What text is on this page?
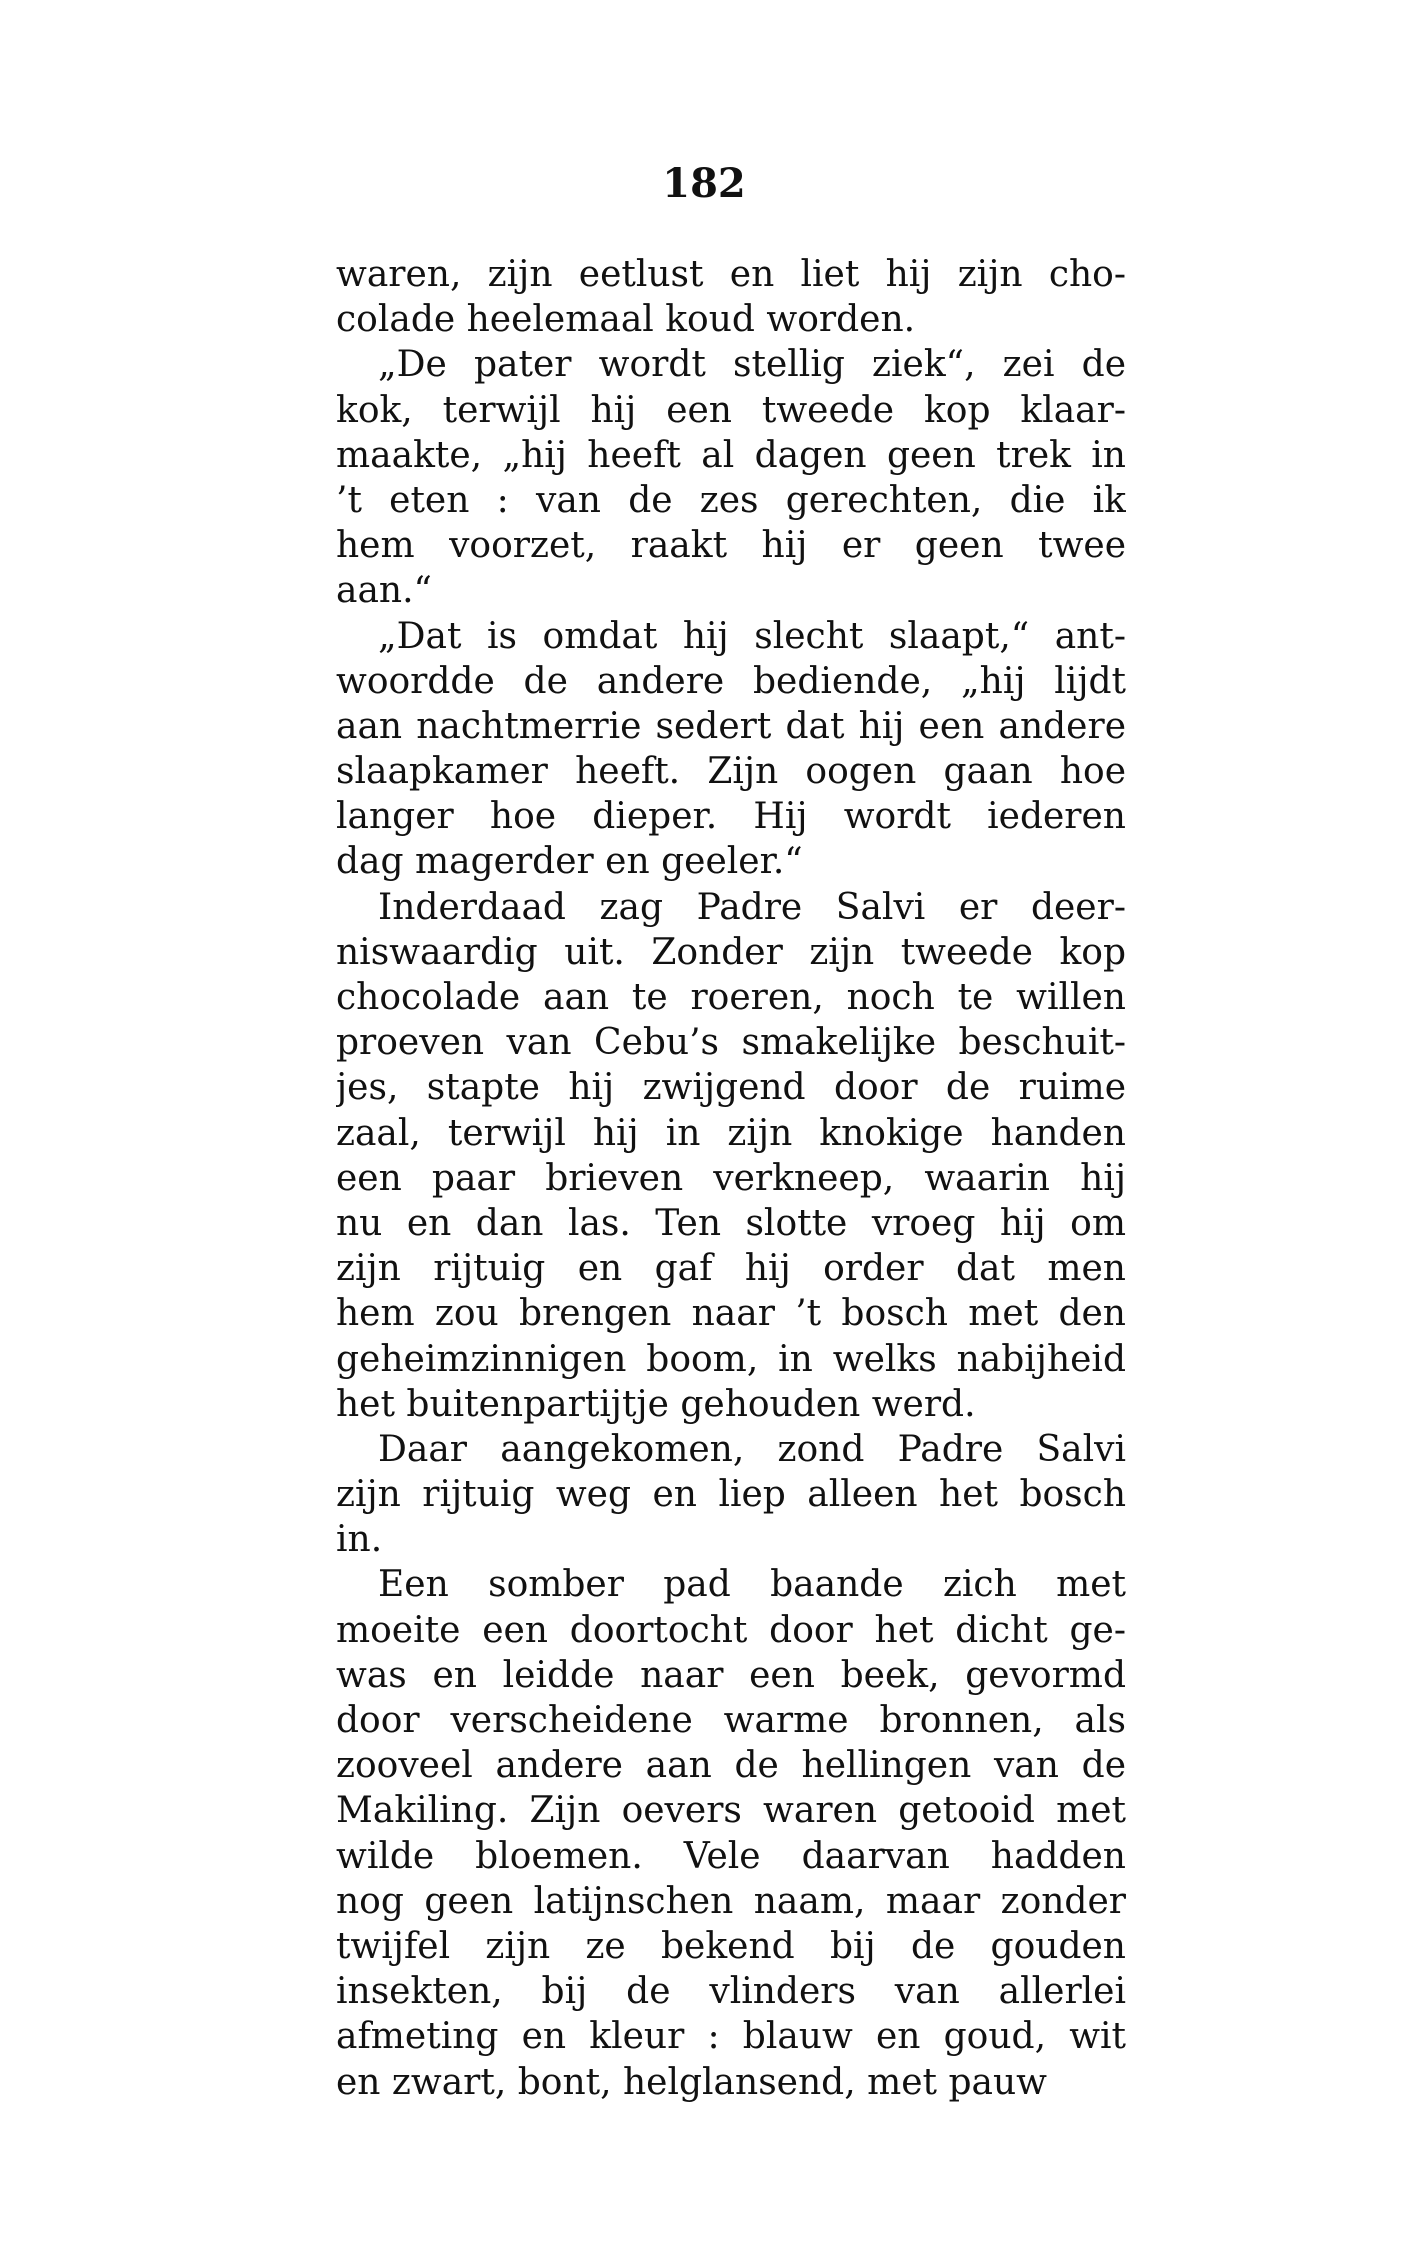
182
waren, zijn eetlust en liet hij zijn cho-
colade heelemaal koud worden.
„De pater wordt stellig ziek“, zei de
kok, terwijl hij een tweede kop klaar-
maakte, „hij heeft al dagen geen trek in
’t eten : van de zes gerechten, die ik
hem voorzet, raakt hij er geen twee
aan.“
„Dat is omdat hij slecht slaapt,“ ant-
woordde de andere bediende, „hij lijdt
aan nachtmerrie sedert dat hij een andere
slaapkamer heeft. Zijn oogen gaan hoe
langer hoe dieper. Hij wordt iederen
dag magerder en geeler.“
Inderdaad zag Padre Salvi er deer-
niswaardig uit. Zonder zijn tweede kop
chocolade aan te roeren, noch te willen
proeven van Cebu’s smakelijke beschuit-
jes, stapte hij zwijgend door de ruime
zaal, terwijl hij in zijn knokige handen
een paar brieven verkneep, waarin hij
nu en dan las. Ten slotte vroeg hij om
zijn rijtuig en gaf hij order dat men
hem zou brengen naar ’t bosch met den
geheimzinnigen boom, in welks nabijheid
het buitenpartijtje gehouden werd.
Daar aangekomen, zond Padre Salvi
zijn rijtuig weg en liep alleen het bosch
in.
Een somber pad baande zich met
moeite een doortocht door het dicht ge-
was en leidde naar een beek, gevormd
door verscheidene warme bronnen, als
zooveel andere aan de hellingen van de
Makiling. Zijn oevers waren getooid met
wilde bloemen. Vele daarvan hadden
nog geen latijnschen naam, maar zonder
twijfel zijn ze bekend bij de gouden
insekten, bij de vlinders van allerlei
afmeting en kleur : blauw en goud, wit
en zwart, bont, helglansend, met pauw
